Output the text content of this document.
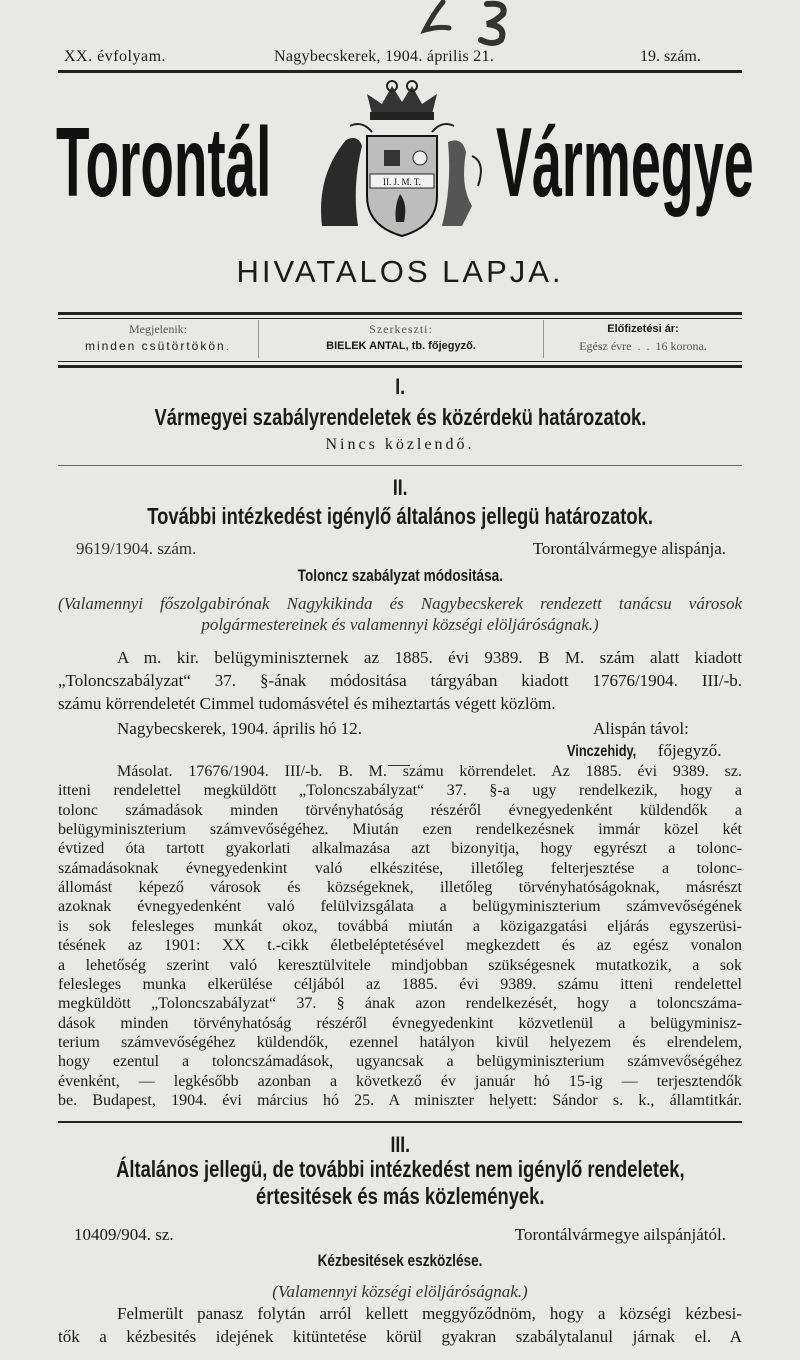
XX. évfolyam.	Nagybecskerek, 1904. április 21.	19. szám.
Torontál Vármegye
II. J. M. T.
HIVATALOS LAPJA.
Megjelenik:
minden csütörtökön.
Szerkeszti:
BIELEK ANTAL, tb. főjegyző.
Előfizetési ár:
Egész évre  .  .  16 korona.
I.
Vármegyei szabályrendeletek és közérdekü határozatok.
Nincs közlendő.
II.
További intézkedést igénylő általános jellegü határozatok.
9619/1904. szám.	Torontálvármegye alispánja.
Toloncz szabályzat módositása.
(Valamennyi főszolgabirónak Nagykikinda és Nagybecskerek rendezett tanácsu városok
polgármestereinek és valamennyi községi elöljáróságnak.)
A m. kir. belügyminiszternek az 1885. évi 9389. B M. szám alatt kiadott
„Toloncszabályzat“ 37. §-ának módositása tárgyában kiadott 17676/1904. III/-b.
számu körrendeletét Cimmel tudomásvétel és miheztartás végett közlöm.
Nagybecskerek, 1904. április hó 12.	Alispán távol:
Vinczehidy, főjegyző.
III.
Általános jellegü, de további intézkedést nem igénylő rendeletek,
értesitések és más közlemények.
10409/904. sz.	Torontálvármegye ailspánjától.
Kézbesitések eszközlése.
(Valamennyi községi elöljáróságnak.)
Felmerült panasz folytán arról kellett meggyőződnöm, hogy a községi kézbesi-
tők a kézbesités idejének kitüntetése körül gyakran szabálytalanul járnak el. A
Másolat. 17676/1904. III/-b. B. M. számu körrendelet. Az 1885. évi 9389. sz.
itteni rendelettel megküldött „Toloncszabályzat“ 37. §-a ugy rendelkezik, hogy a
tolonc számadások minden törvényhatóság részéről évnegyedenként küldendők a
belügyminiszterium számvevőségéhez. Miután ezen rendelkezésnek immár közel két
évtized óta tartott gyakorlati alkalmazása azt bizonyitja, hogy egyrészt a tolonc-
számadásoknak évnegyedenkint való elkészitése, illetőleg felterjesztése a tolonc-
állomást képező városok és községeknek, illetőleg törvényhatóságoknak, másrészt
azoknak évnegyedenként való felülvizsgálata a belügyminiszterium számvevőségének
is sok felesleges munkát okoz, továbbá miután a közigazgatási eljárás egyszerüsi-
tésének az 1901: XX t.-cikk életbeléptetésével megkezdett és az egész vonalon
a lehetőség szerint való keresztülvitele mindjobban szükségesnek mutatkozik, a sok
felesleges munka elkerülése céljából az 1885. évi 9389. számu itteni rendelettel
megküldött „Toloncszabályzat“ 37. § ának azon rendelkezését, hogy a toloncszáma-
dások minden törvényhatóság részéről évnegyedenkint közvetlenül a belügyminisz-
terium számvevőségéhez küldendők, ezennel hatályon kivül helyezem és elrendelem,
hogy ezentul a toloncszámadások, ugyancsak a belügyminiszterium számvevőségéhez
évenként, — legkésőbb azonban a következő év január hó 15-ig — terjesztendők
be. Budapest, 1904. évi március hó 25. A miniszter helyett: Sándor s. k., államtitkár.
